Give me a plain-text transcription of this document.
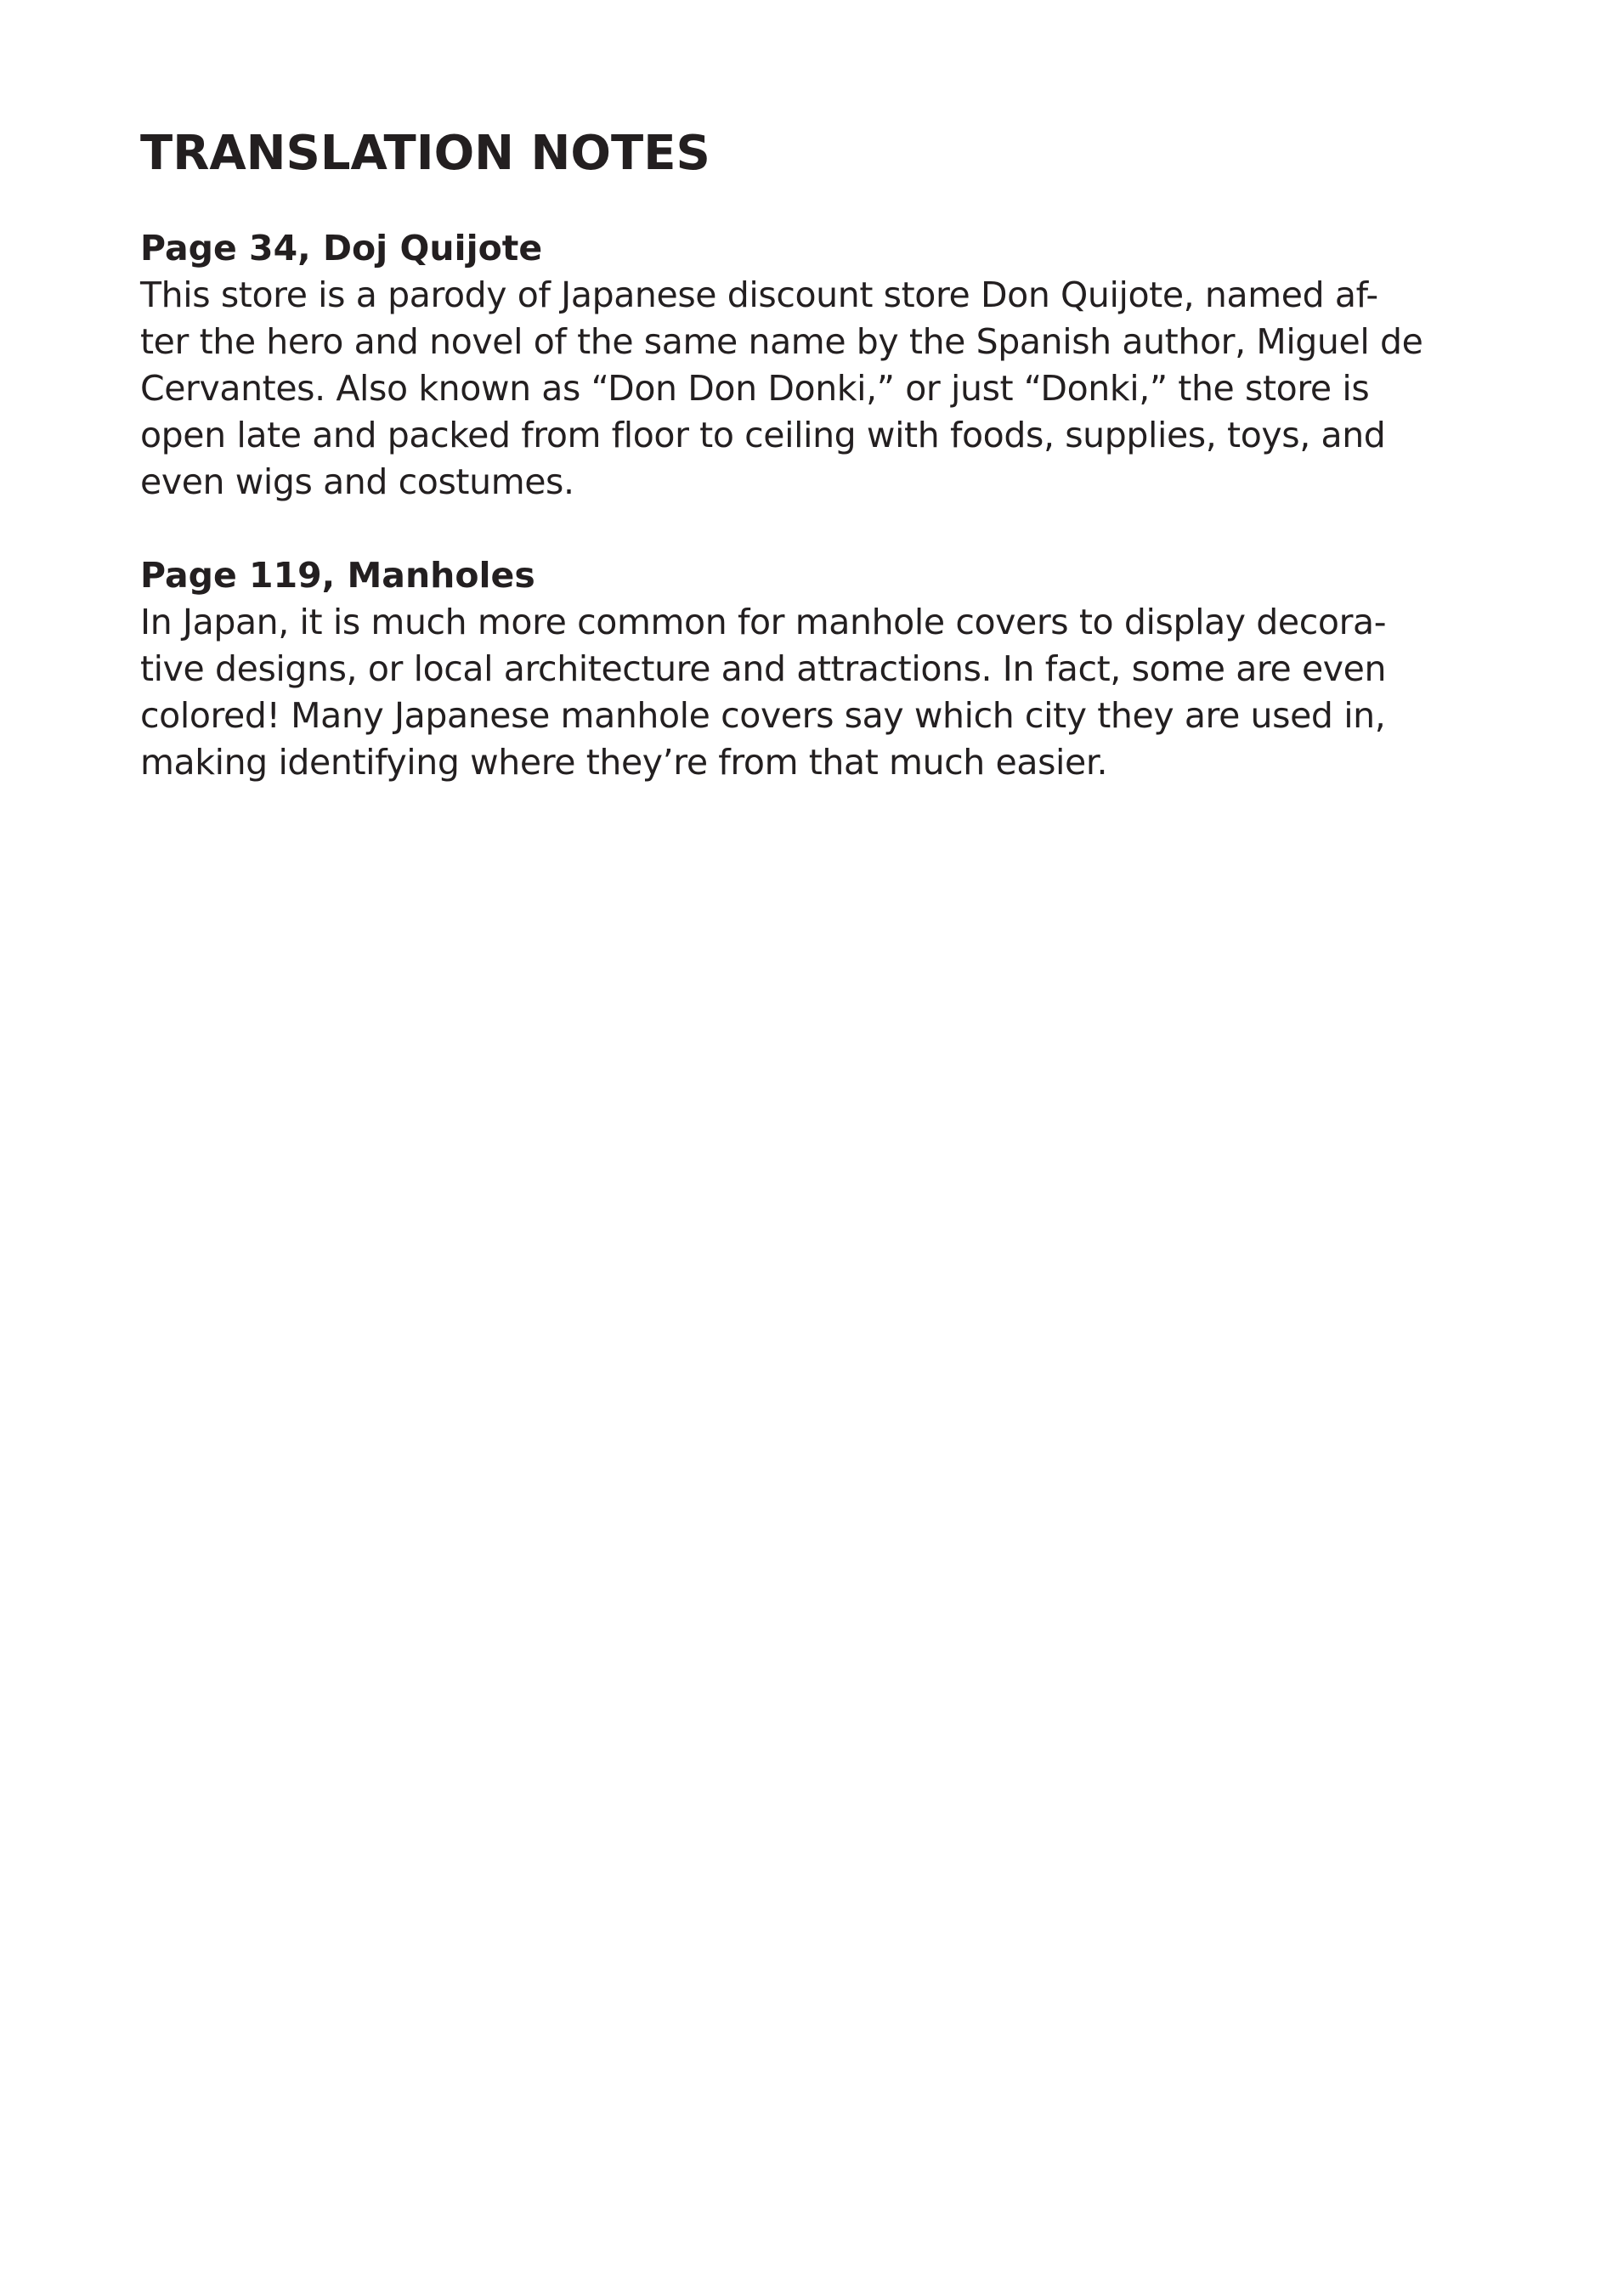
TRANSLATION NOTES
Page 34, Doj Quijote

This store is a parody of Japanese discount store Don Quijote, named af-
ter the hero and novel of the same name by the Spanish author, Miguel de
Cervantes. Also known as “Don Don Donki,” or just “Donki,” the store is
open late and packed from floor to ceiling with foods, supplies, toys, and
even wigs and costumes.

Page 119, Manholes

In Japan, it is much more common for manhole covers to display decora-
tive designs, or local architecture and attractions. In fact, some are even
colored! Many Japanese manhole covers say which city they are used in,
making identifying where they’re from that much easier.
